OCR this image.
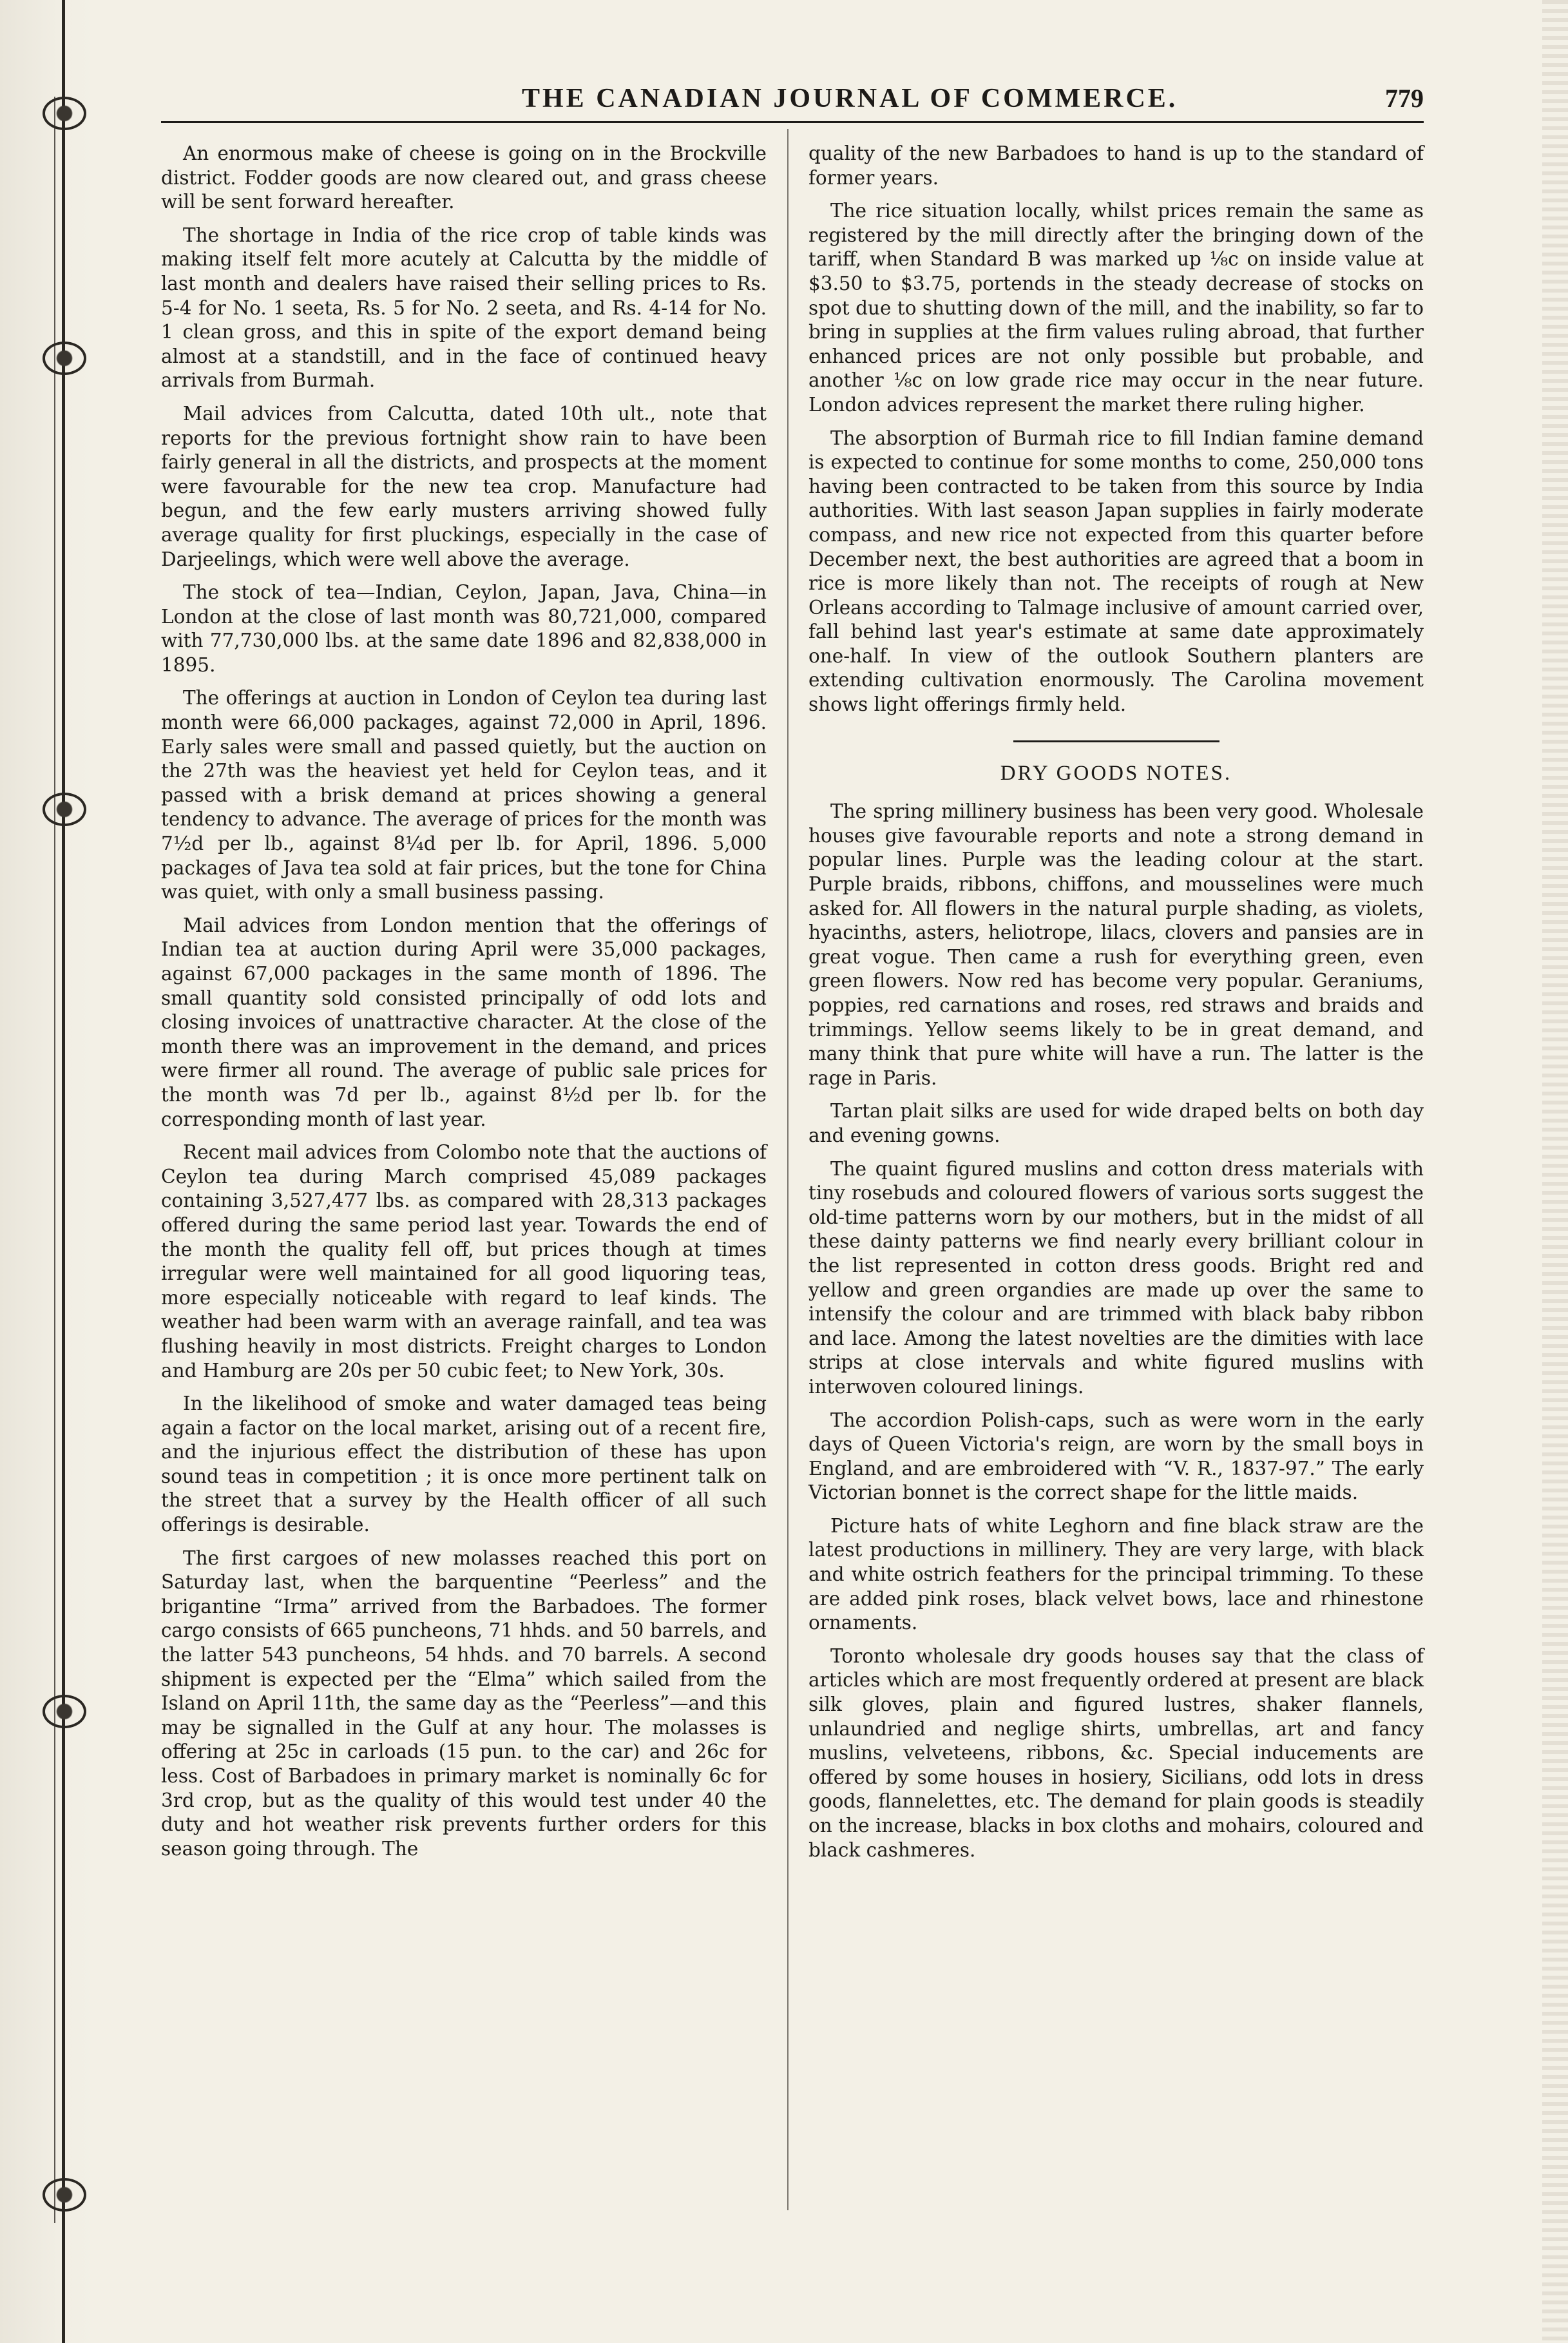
THE CANADIAN JOURNAL OF COMMERCE.	779

An enormous make of cheese is going on in the Brockville district. Fodder goods are now cleared out, and grass cheese will be sent forward hereafter.

The shortage in India of the rice crop of table kinds was making itself felt more acutely at Calcutta by the middle of last month and dealers have raised their selling prices to Rs. 5-4 for No. 1 seeta, Rs. 5 for No. 2 seeta, and Rs. 4-14 for No. 1 clean gross, and this in spite of the export demand being almost at a standstill, and in the face of continued heavy arrivals from Burmah.

Mail advices from Calcutta, dated 10th ult., note that reports for the previous fortnight show rain to have been fairly general in all the districts, and prospects at the moment were favourable for the new tea crop. Manufacture had begun, and the few early musters arriving showed fully average quality for first pluckings, especially in the case of Darjeelings, which were well above the average.

The stock of tea—Indian, Ceylon, Japan, Java, China—in London at the close of last month was 80,721,000, compared with 77,730,000 lbs. at the same date 1896 and 82,838,000 in 1895.

The offerings at auction in London of Ceylon tea during last month were 66,000 packages, against 72,000 in April, 1896. Early sales were small and passed quietly, but the auction on the 27th was the heaviest yet held for Ceylon teas, and it passed with a brisk demand at prices showing a general tendency to advance. The average of prices for the month was 7½d per lb., against 8¼d per lb. for April, 1896. 5,000 packages of Java tea sold at fair prices, but the tone for China was quiet, with only a small business passing.

Mail advices from London mention that the offerings of Indian tea at auction during April were 35,000 packages, against 67,000 packages in the same month of 1896. The small quantity sold consisted principally of odd lots and closing invoices of unattractive character. At the close of the month there was an improvement in the demand, and prices were firmer all round. The average of public sale prices for the month was 7d per lb., against 8½d per lb. for the corresponding month of last year.

Recent mail advices from Colombo note that the auctions of Ceylon tea during March comprised 45,089 packages containing 3,527,477 lbs. as compared with 28,313 packages offered during the same period last year. Towards the end of the month the quality fell off, but prices though at times irregular were well maintained for all good liquoring teas, more especially noticeable with regard to leaf kinds. The weather had been warm with an average rainfall, and tea was flushing heavily in most districts. Freight charges to London and Hamburg are 20s per 50 cubic feet; to New York, 30s.

In the likelihood of smoke and water damaged teas being again a factor on the local market, arising out of a recent fire, and the injurious effect the distribution of these has upon sound teas in competition ; it is once more pertinent talk on the street that a survey by the Health officer of all such offerings is desirable.

The first cargoes of new molasses reached this port on Saturday last, when the barquentine “Peerless” and the brigantine “Irma” arrived from the Barbadoes. The former cargo consists of 665 puncheons, 71 hhds. and 50 barrels, and the latter 543 puncheons, 54 hhds. and 70 barrels. A second shipment is expected per the “Elma” which sailed from the Island on April 11th, the same day as the “Peerless”—and this may be signalled in the Gulf at any hour. The molasses is offering at 25c in carloads (15 pun. to the car) and 26c for less. Cost of Barbadoes in primary market is nominally 6c for 3rd crop, but as the quality of this would test under 40 the duty and hot weather risk prevents further orders for this season going through. The

quality of the new Barbadoes to hand is up to the standard of former years.

The rice situation locally, whilst prices remain the same as registered by the mill directly after the bringing down of the tariff, when Standard B was marked up ⅛c on inside value at $3.50 to $3.75, portends in the steady decrease of stocks on spot due to shutting down of the mill, and the inability, so far to bring in supplies at the firm values ruling abroad, that further enhanced prices are not only possible but probable, and another ⅛c on low grade rice may occur in the near future. London advices represent the market there ruling higher.

The absorption of Burmah rice to fill Indian famine demand is expected to continue for some months to come, 250,000 tons having been contracted to be taken from this source by India authorities. With last season Japan supplies in fairly moderate compass, and new rice not expected from this quarter before December next, the best authorities are agreed that a boom in rice is more likely than not. The receipts of rough at New Orleans according to Talmage inclusive of amount carried over, fall behind last year's estimate at same date approximately one-half. In view of the outlook Southern planters are extending cultivation enormously. The Carolina movement shows light offerings firmly held.

DRY GOODS NOTES.

The spring millinery business has been very good. Wholesale houses give favourable reports and note a strong demand in popular lines. Purple was the leading colour at the start. Purple braids, ribbons, chiffons, and mousselines were much asked for. All flowers in the natural purple shading, as violets, hyacinths, asters, heliotrope, lilacs, clovers and pansies are in great vogue. Then came a rush for everything green, even green flowers. Now red has become very popular. Geraniums, poppies, red carnations and roses, red straws and braids and trimmings. Yellow seems likely to be in great demand, and many think that pure white will have a run. The latter is the rage in Paris.

Tartan plait silks are used for wide draped belts on both day and evening gowns.

The quaint figured muslins and cotton dress materials with tiny rosebuds and coloured flowers of various sorts suggest the old-time patterns worn by our mothers, but in the midst of all these dainty patterns we find nearly every brilliant colour in the list represented in cotton dress goods. Bright red and yellow and green organdies are made up over the same to intensify the colour and are trimmed with black baby ribbon and lace. Among the latest novelties are the dimities with lace strips at close intervals and white figured muslins with interwoven coloured linings.

The accordion Polish-caps, such as were worn in the early days of Queen Victoria's reign, are worn by the small boys in England, and are embroidered with “V. R., 1837-97.” The early Victorian bonnet is the correct shape for the little maids.

Picture hats of white Leghorn and fine black straw are the latest productions in millinery. They are very large, with black and white ostrich feathers for the principal trimming. To these are added pink roses, black velvet bows, lace and rhinestone ornaments.

Toronto wholesale dry goods houses say that the class of articles which are most frequently ordered at present are black silk gloves, plain and figured lustres, shaker flannels, unlaundried and neglige shirts, umbrellas, art and fancy muslins, velveteens, ribbons, &c. Special inducements are offered by some houses in hosiery, Sicilians, odd lots in dress goods, flannelettes, etc. The demand for plain goods is steadily on the increase, blacks in box cloths and mohairs, coloured and black cashmeres.
